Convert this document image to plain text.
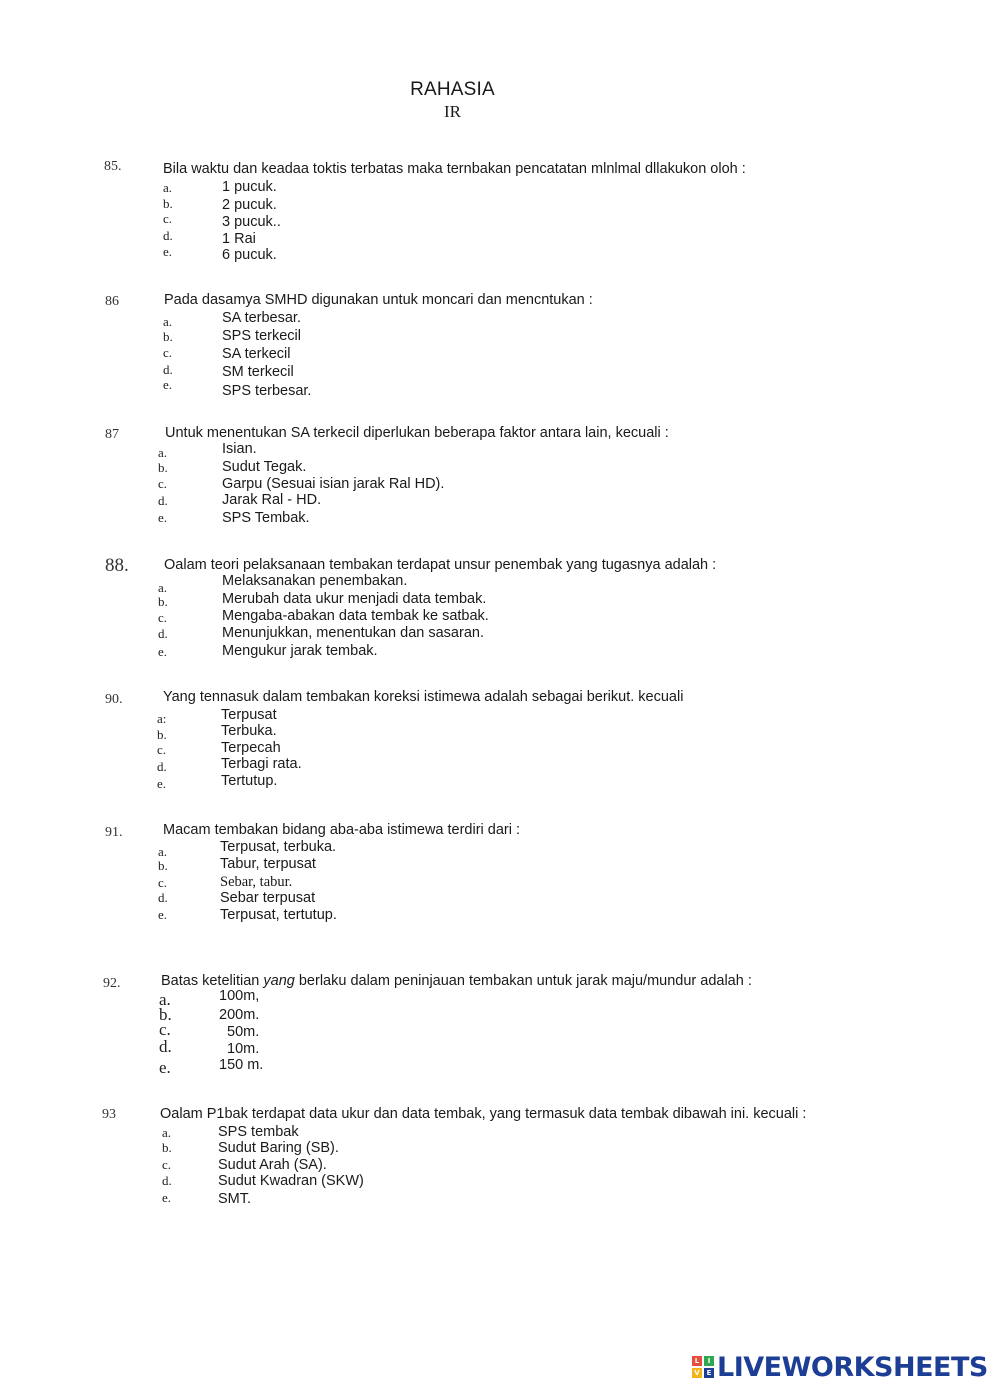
RAHASIA
IR
85.	Bila waktu dan keadaa toktis terbatas maka ternbakan pencatatan mlnlmal dllakukon oloh :
a.	1 pucuk.
b.	2 pucuk.
c.	3 pucuk..
d.	1 Rai
e.	6 pucuk.
86	Pada dasamya SMHD digunakan untuk moncari dan mencntukan :
a.	SA terbesar.
b.	SPS terkecil
c.	SA terkecil
d.	SM terkecil
e.	SPS terbesar.
87	Untuk menentukan SA terkecil diperlukan beberapa faktor antara lain, kecuali :
a.	Isian.
b.	Sudut Tegak.
c.	Garpu (Sesuai isian jarak Ral HD).
d.	Jarak Ral - HD.
e.	SPS Tembak.
88. Oalam teori pelaksanaan tembakan terdapat unsur penembak yang tugasnya adalah :
a.	Melaksanakan penembakan.
b.	Merubah data ukur menjadi data tembak.
c.	Mengaba-abakan data tembak ke satbak.
d.	Menunjukkan, menentukan dan sasaran.
e.	Mengukur jarak tembak.
90.	Yang tennasuk dalam tembakan koreksi istimewa adalah sebagai berikut. kecuali
a:	Terpusat
b.	Terbuka.
c.	Terpecah
d.	Terbagi rata.
e.	Tertutup.
91.	Macam tembakan bidang aba-aba istimewa terdiri dari :
a.	Terpusat, terbuka.
b.	Tabur, terpusat
c.	Sebar, tabur.
d.	Sebar terpusat
e.	Terpusat, tertutup.
92.	Batas ketelitian yang berlaku dalam peninjauan tembakan untuk jarak maju/mundur adalah :
a.	100m,
b.	200m.
c.	50m.
d.	10m.
e.	150 m.
93	Oalam P1bak terdapat data ukur dan data tembak, yang termasuk data tembak dibawah ini. kecuali :
a.	SPS tembak
b.	Sudut Baring (SB).
c.	Sudut Arah (SA).
d.	Sudut Kwadran (SKW)
e.	SMT.
L	I
V E LIVEWORKSHEETS
